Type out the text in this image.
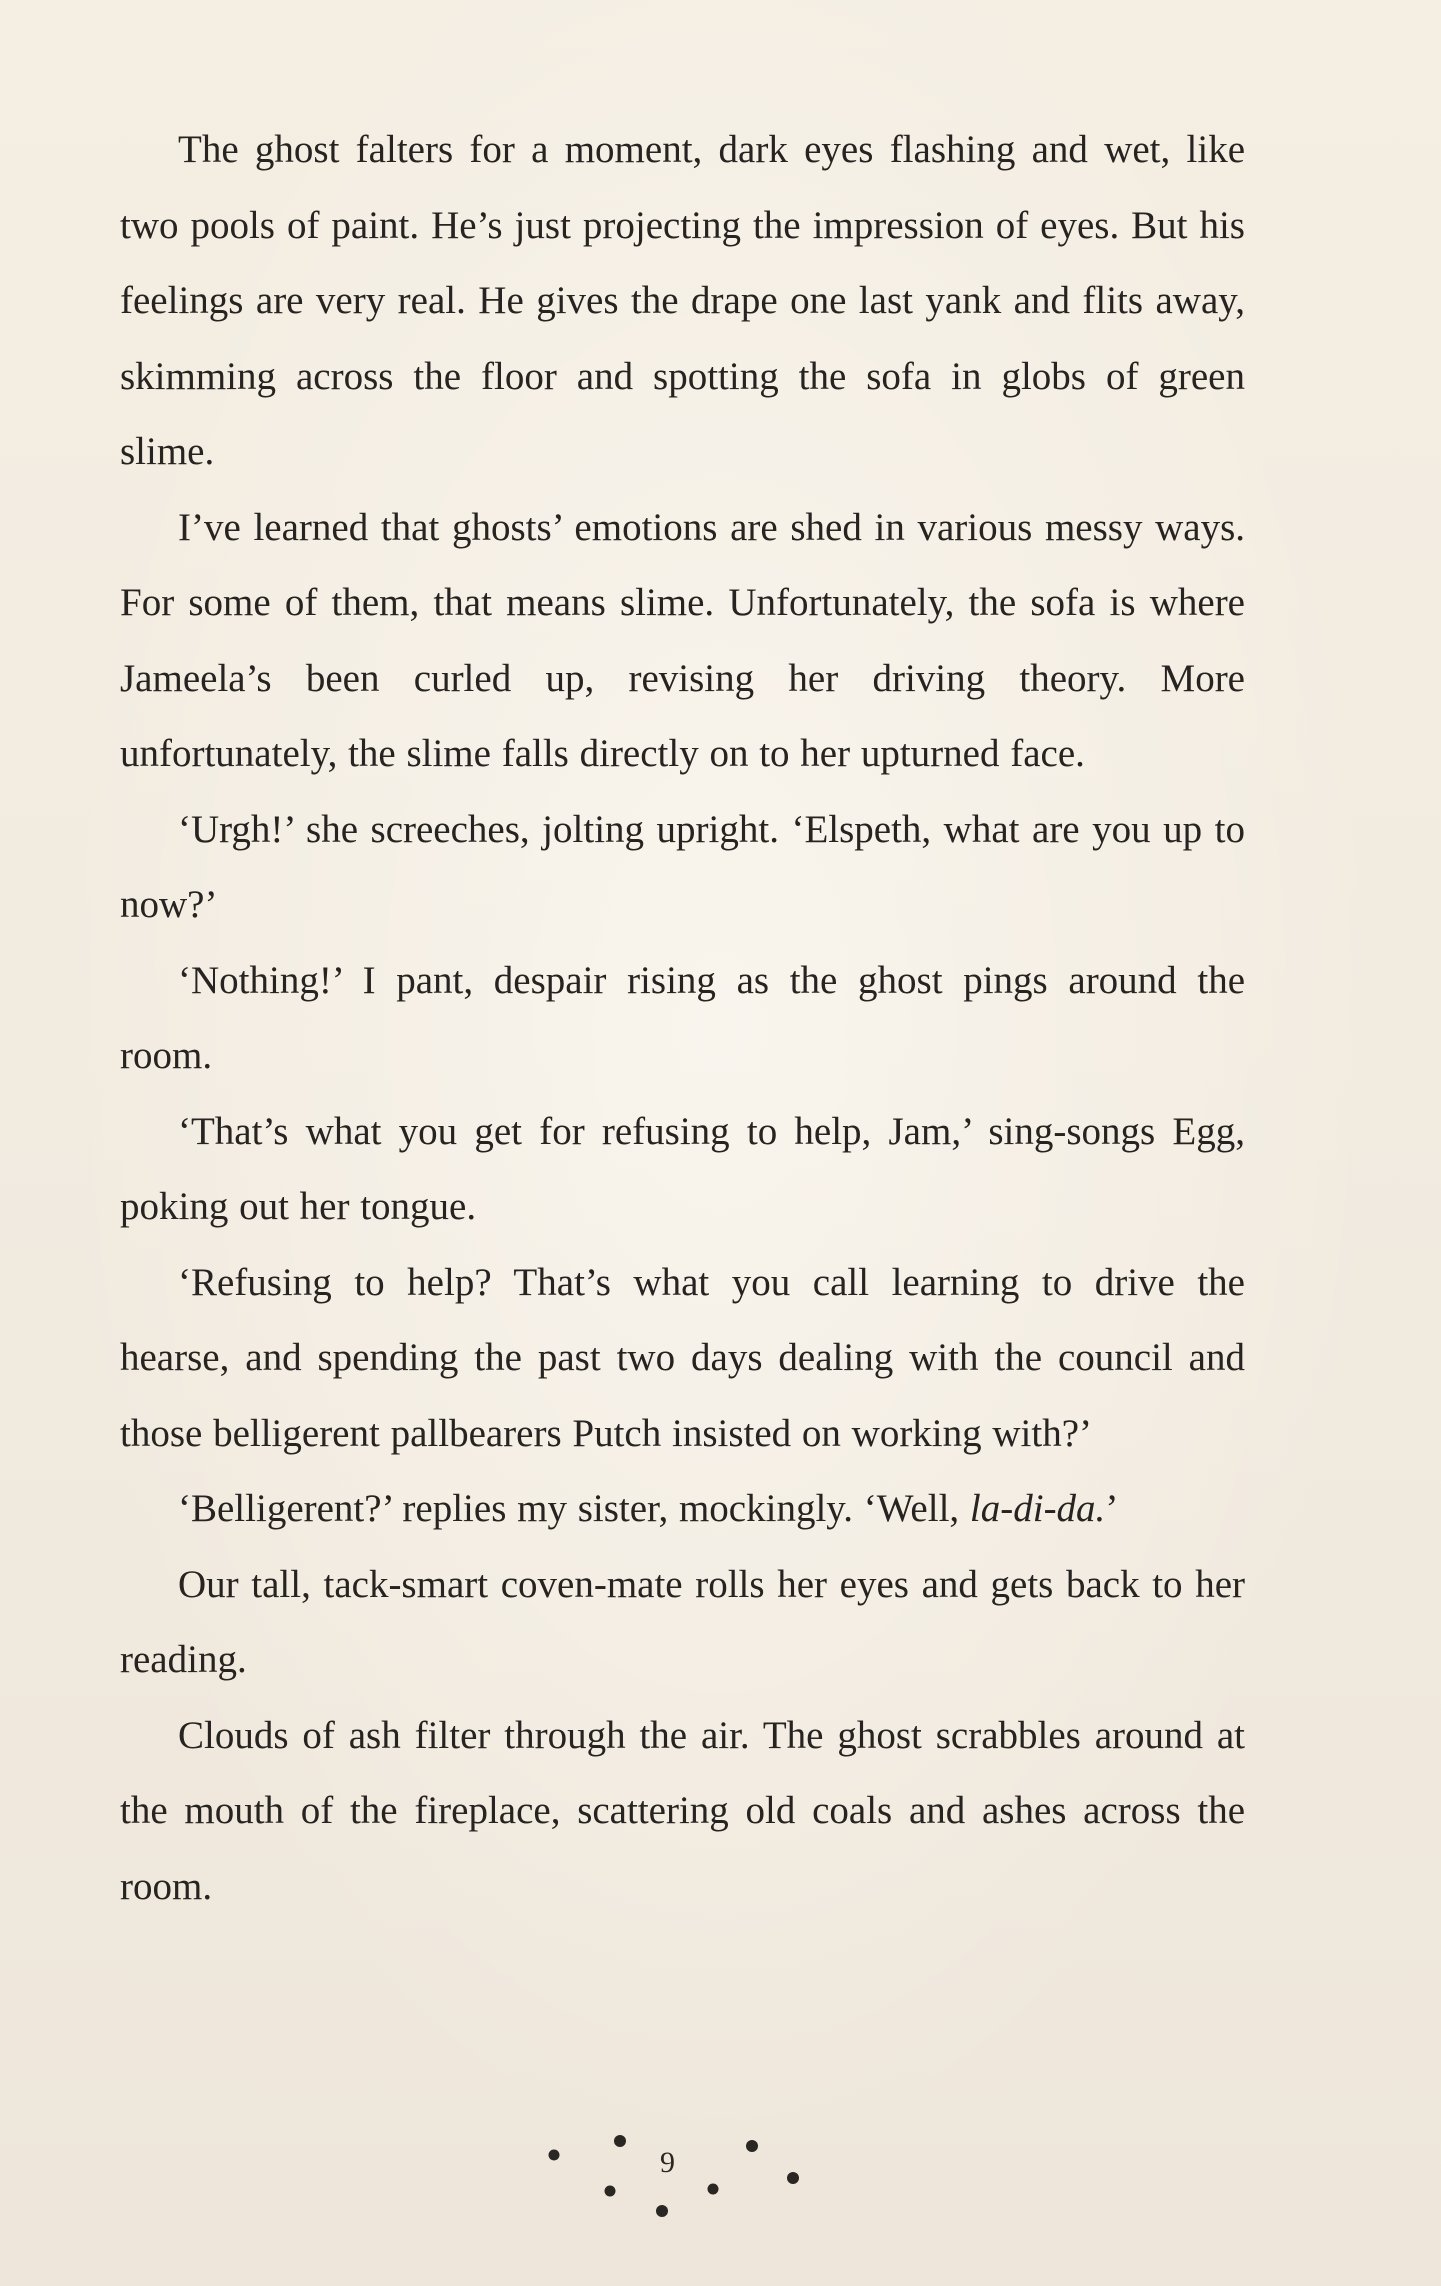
The ghost falters for a moment, dark eyes flashing and wet, like two pools of paint. He’s just projecting the impression of eyes. But his feelings are very real. He gives the drape one last yank and flits away, skimming across the floor and spotting the sofa in globs of green slime.

I’ve learned that ghosts’ emotions are shed in various messy ways. For some of them, that means slime. Unfortunately, the sofa is where Jameela’s been curled up, revising her driving theory. More unfortunately, the slime falls directly on to her upturned face.

‘Urgh!’ she screeches, jolting upright. ‘Elspeth, what are you up to now?’

‘Nothing!’ I pant, despair rising as the ghost pings around the room.

‘That’s what you get for refusing to help, Jam,’ sing-songs Egg, poking out her tongue.

‘Refusing to help? That’s what you call learning to drive the hearse, and spending the past two days dealing with the council and those belligerent pallbearers Putch insisted on working with?’

‘Belligerent?’ replies my sister, mockingly. ‘Well, la-di-da.’

Our tall, tack-smart coven-mate rolls her eyes and gets back to her reading.

Clouds of ash filter through the air. The ghost scrabbles around at the mouth of the fireplace, scattering old coals and ashes across the room.

9
